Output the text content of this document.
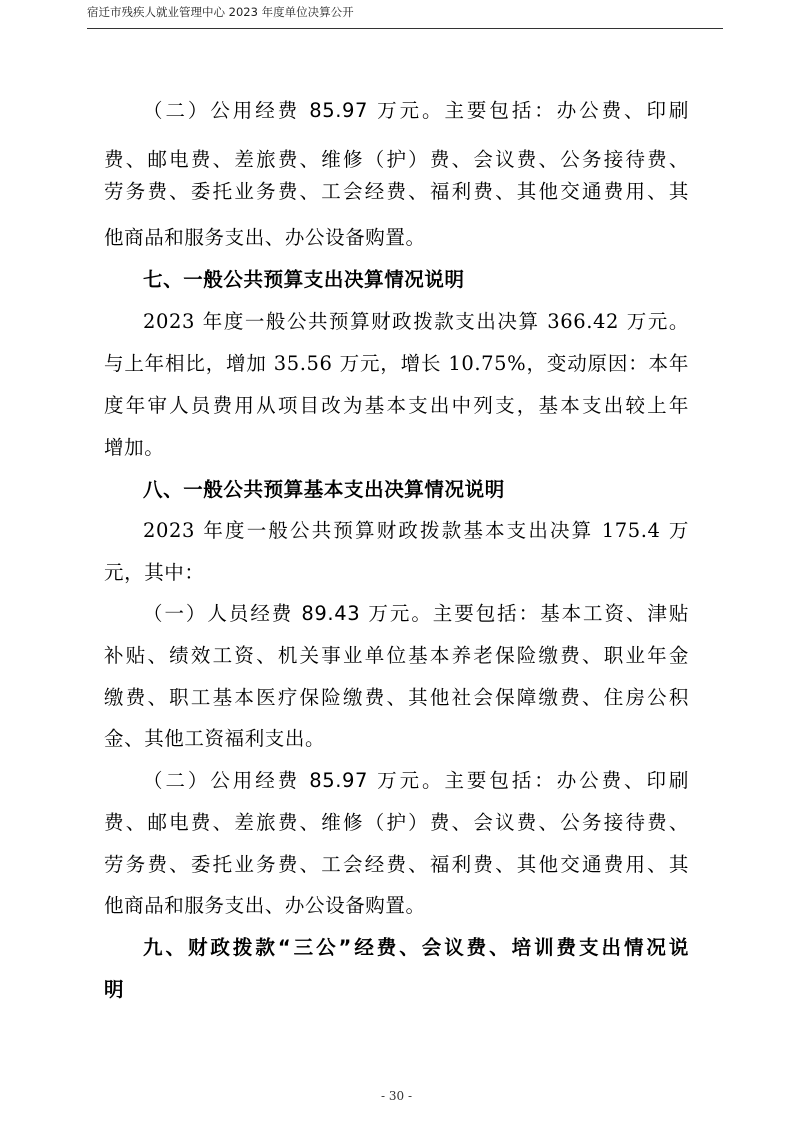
宿迁市残疾人就业管理中心 2023 年度单位决算公开
（二）公用经费 85.97 万元。主要包括：办公费、印刷
费、邮电费、差旅费、维修（护）费、会议费、公务接待费、
劳务费、委托业务费、工会经费、福利费、其他交通费用、其
他商品和服务支出、办公设备购置。
七、一般公共预算支出决算情况说明
2023 年度一般公共预算财政拨款支出决算 366.42 万元。
与上年相比，增加 35.56 万元，增长 10.75%，变动原因：本年
度年审人员费用从项目改为基本支出中列支，基本支出较上年
增加。
八、一般公共预算基本支出决算情况说明
2023 年度一般公共预算财政拨款基本支出决算 175.4 万
元，其中：
（一）人员经费 89.43 万元。主要包括：基本工资、津贴
补贴、绩效工资、机关事业单位基本养老保险缴费、职业年金
缴费、职工基本医疗保险缴费、其他社会保障缴费、住房公积
金、其他工资福利支出。
（二）公用经费 85.97 万元。主要包括：办公费、印刷
费、邮电费、差旅费、维修（护）费、会议费、公务接待费、
劳务费、委托业务费、工会经费、福利费、其他交通费用、其
他商品和服务支出、办公设备购置。
九、财政拨款“三公”经费、会议费、培训费支出情况说
明
- 30 -
